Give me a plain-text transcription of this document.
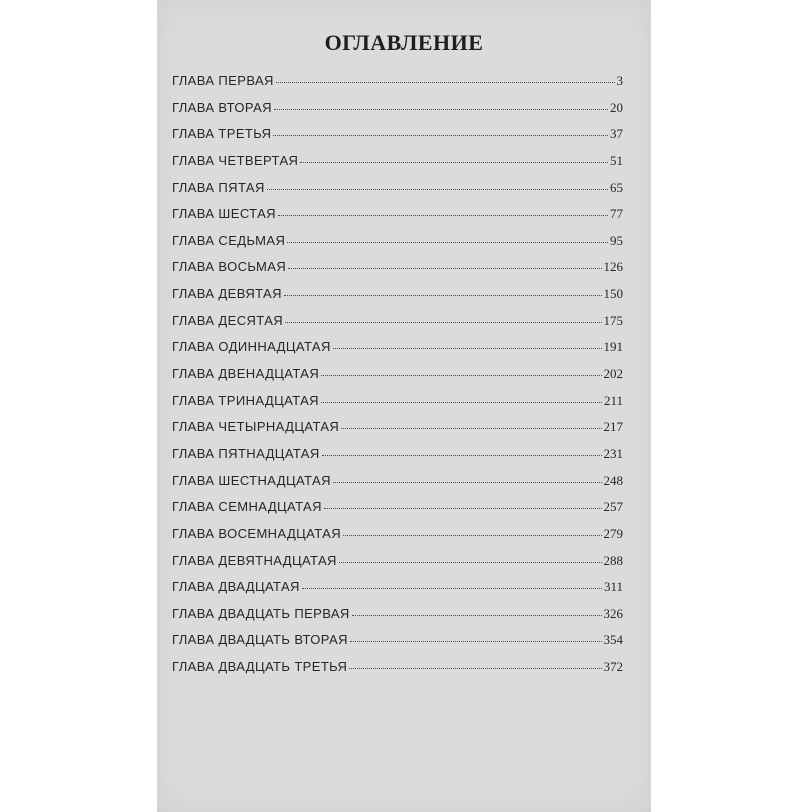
ОГЛАВЛЕНИЕ
ГЛАВА ПЕРВАЯ	3
ГЛАВА ВТОРАЯ	20
ГЛАВА ТРЕТЬЯ	37
ГЛАВА ЧЕТВЕРТАЯ	51
ГЛАВА ПЯТАЯ	65
ГЛАВА ШЕСТАЯ	77
ГЛАВА СЕДЬМАЯ	95
ГЛАВА ВОСЬМАЯ	126
ГЛАВА ДЕВЯТАЯ	150
ГЛАВА ДЕСЯТАЯ	175
ГЛАВА ОДИННАДЦАТАЯ	191
ГЛАВА ДВЕНАДЦАТАЯ	202
ГЛАВА ТРИНАДЦАТАЯ	211
ГЛАВА ЧЕТЫРНАДЦАТАЯ	217
ГЛАВА ПЯТНАДЦАТАЯ	231
ГЛАВА ШЕСТНАДЦАТАЯ	248
ГЛАВА СЕМНАДЦАТАЯ	257
ГЛАВА ВОСЕМНАДЦАТАЯ	279
ГЛАВА ДЕВЯТНАДЦАТАЯ	288
ГЛАВА ДВАДЦАТАЯ	311
ГЛАВА ДВАДЦАТЬ ПЕРВАЯ	326
ГЛАВА ДВАДЦАТЬ ВТОРАЯ	354
ГЛАВА ДВАДЦАТЬ ТРЕТЬЯ	372
